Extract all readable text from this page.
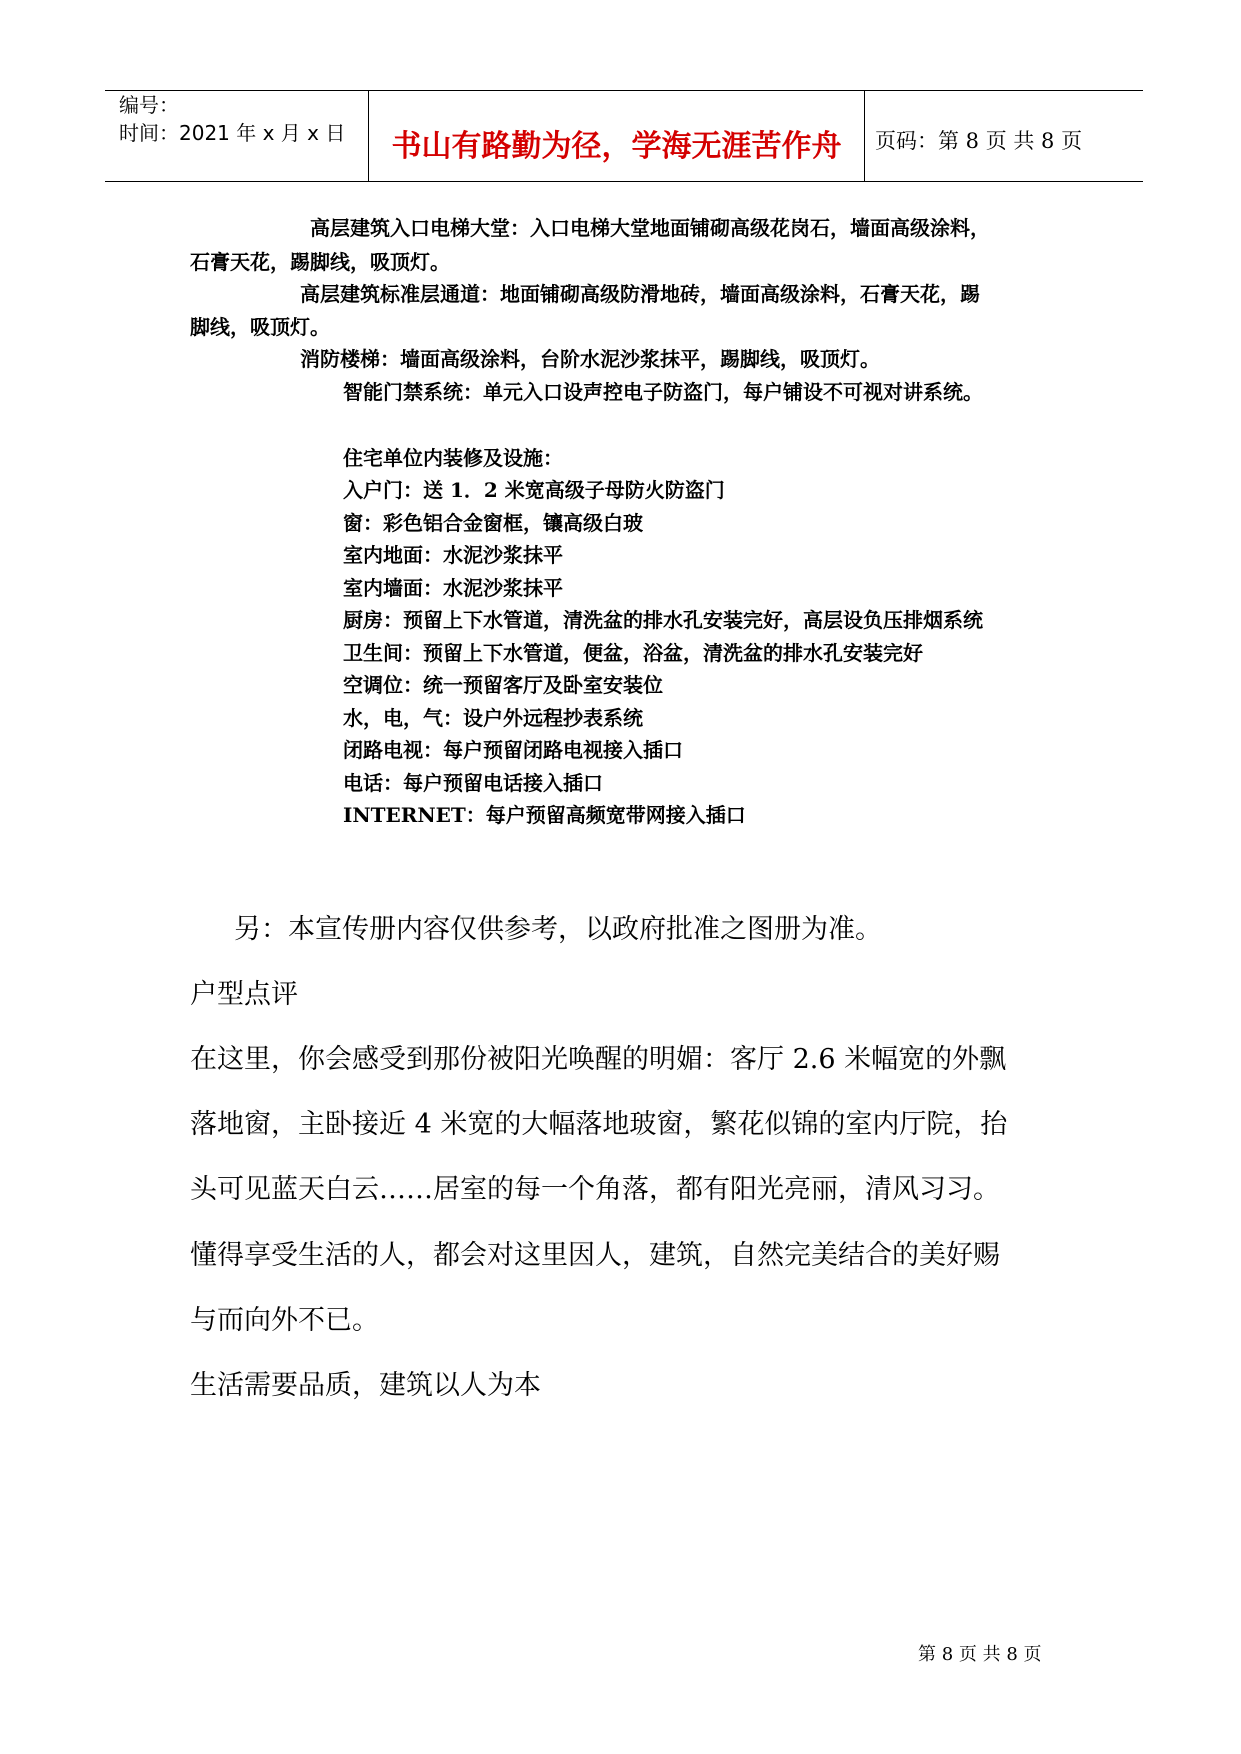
编号：
时间：2021 年 x 月 x 日	书山有路勤为径，学海无涯苦作舟	页码：第 8 页 共 8 页
高层建筑入口电梯大堂：入口电梯大堂地面铺砌高级花岗石，墙面高级涂料，
石膏天花，踢脚线，吸顶灯。
高层建筑标准层通道：地面铺砌高级防滑地砖，墙面高级涂料，石膏天花，踢
脚线，吸顶灯。
消防楼梯：墙面高级涂料，台阶水泥沙浆抹平，踢脚线，吸顶灯。
智能门禁系统：单元入口设声控电子防盗门，每户铺设不可视对讲系统。
住宅单位内装修及设施：
入户门：送 1．2 米宽高级子母防火防盗门
窗：彩色铝合金窗框，镶高级白玻
室内地面：水泥沙浆抹平
室内墙面：水泥沙浆抹平
厨房：预留上下水管道，清洗盆的排水孔安装完好，高层设负压排烟系统
卫生间：预留上下水管道，便盆，浴盆，清洗盆的排水孔安装完好
空调位：统一预留客厅及卧室安装位
水，电，气：设户外远程抄表系统
闭路电视：每户预留闭路电视接入插口
电话：每户预留电话接入插口
INTERNET：每户预留高频宽带网接入插口
另：本宣传册内容仅供参考，以政府批准之图册为准。
户型点评
在这里，你会感受到那份被阳光唤醒的明媚：客厅 2.6 米幅宽的外飘
落地窗，主卧接近 4 米宽的大幅落地玻窗，繁花似锦的室内厅院，抬
头可见蓝天白云……居室的每一个角落，都有阳光亮丽，清风习习。
懂得享受生活的人，都会对这里因人，建筑，自然完美结合的美好赐
与而向外不已。
生活需要品质，建筑以人为本
第 8 页 共 8 页
